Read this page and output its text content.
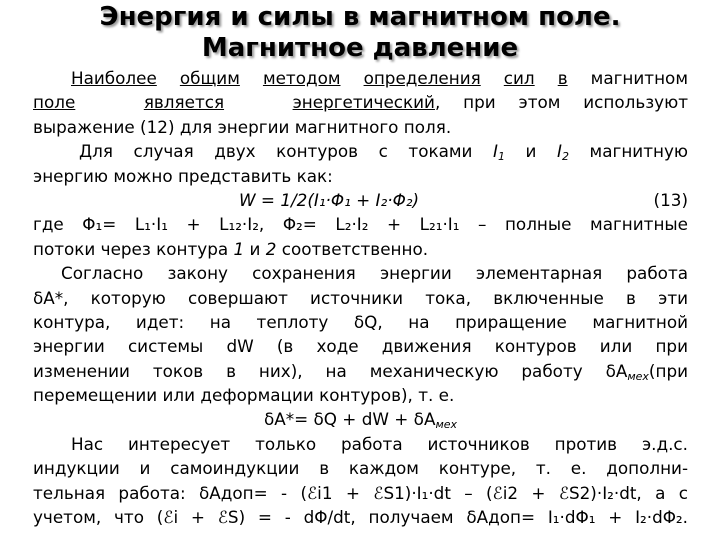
Энергия и силы в магнитном поле.
Магнитное давление
Наиболее общим методом определения сил в магнитном
поле	является	энергетический, при этом используют
выражение (12) для энергии магнитного поля.
Для случая двух контуров с токами $I_1$ и $I_2$ магнитную
энергию можно представить как:
W = 1/2(I₁·Φ₁ + I₂·Φ₂)	(13)
где Φ₁= L₁·I₁ + L₁₂·I₂, Φ₂= L₂·I₂ + L₂₁·I₁ – полные магнитные
потоки через контура 1 и 2 соответственно.
Согласно закону сохранения энергии элементарная работа
δA*, которую совершают источники тока, включенные в эти
контура, идет: на теплоту δQ, на приращение магнитной
энергии системы dW (в ходе движения контуров или при
изменении токов в них), на механическую работу $\delta A_{мех}(при$
перемещении или деформации контуров), т. е.
δA*= δQ + dW + $\delta A_{мех}$
Нас интересует только работа источников против э.д.с.
индукции и самоиндукции в каждом контуре, т. е. дополни-
тельная работа: δAдоп= - (ℰi1 + ℰS1)·I₁·dt – (ℰi2 + ℰS2)·I₂·dt, а с
учетом, что (ℰi + ℰS) = - dΦ/dt, получаем δAдоп= I₁·dΦ₁ + I₂·dΦ₂.
